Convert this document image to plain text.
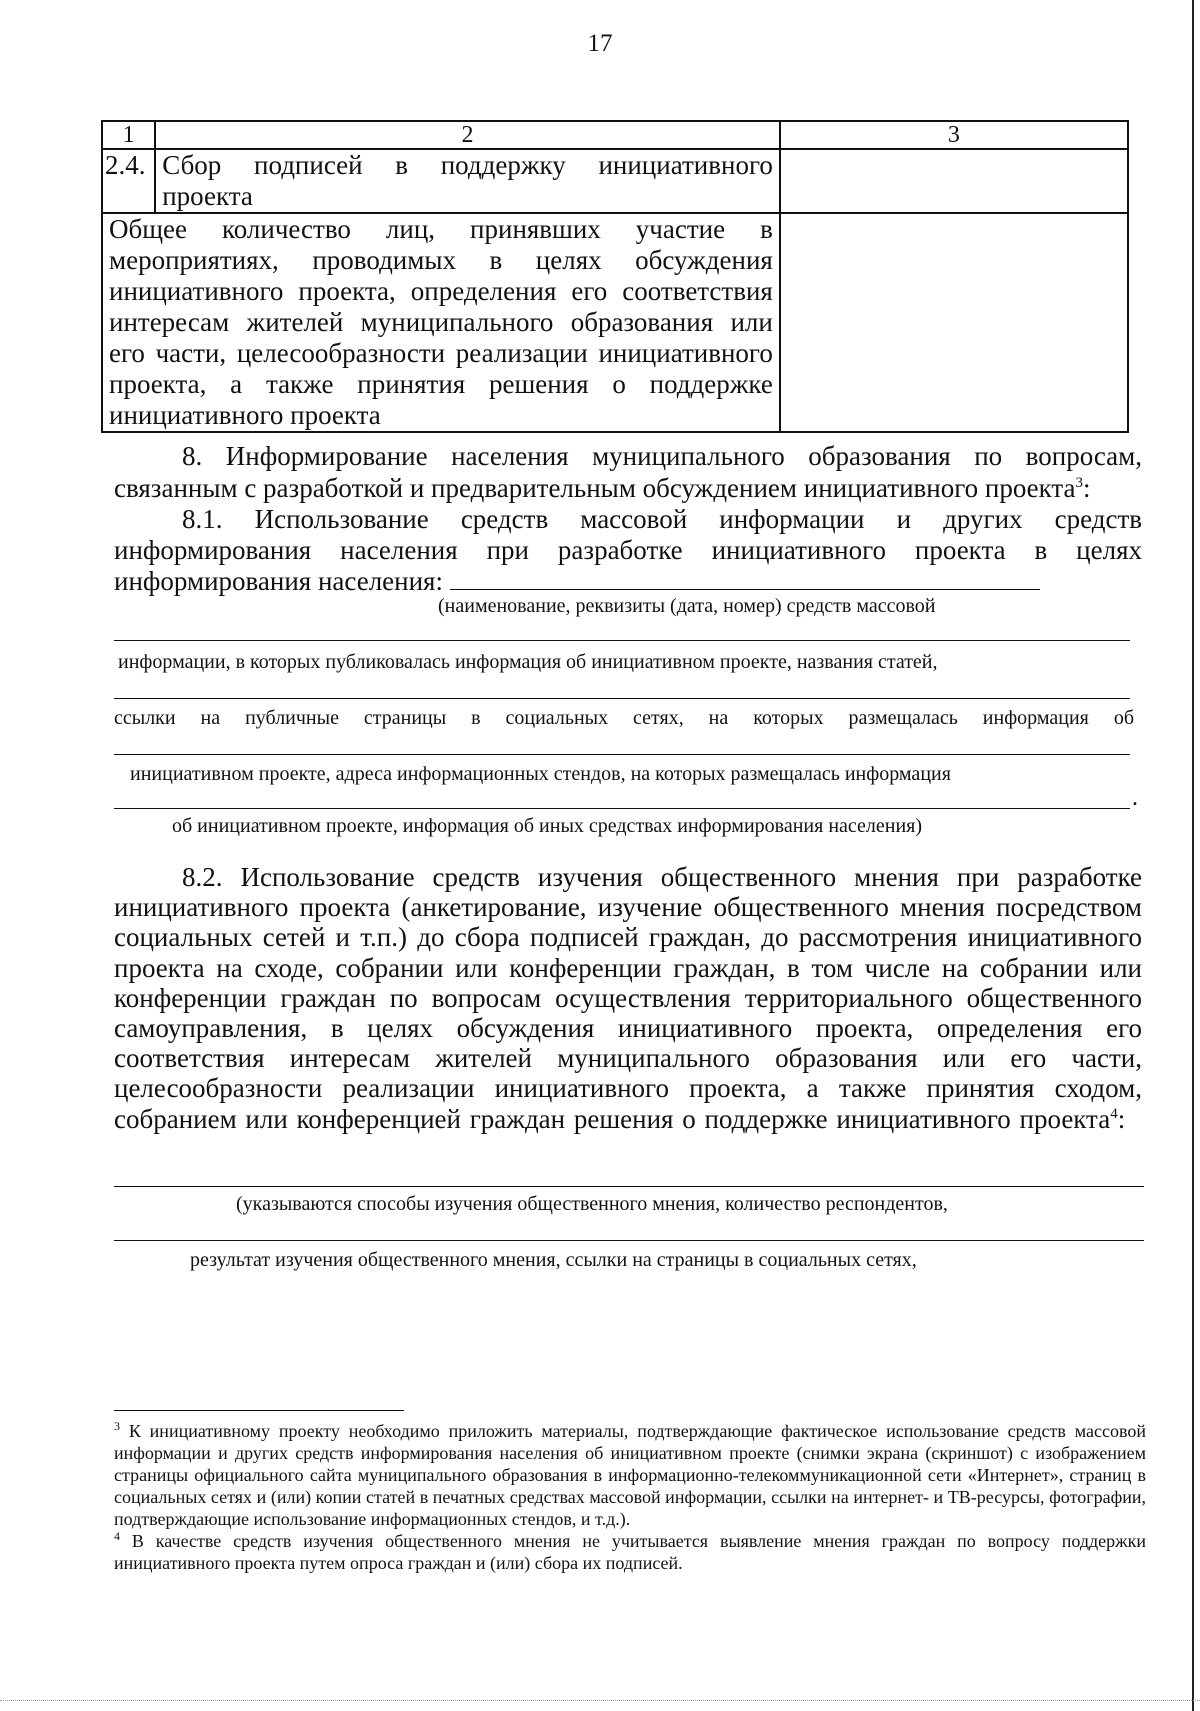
17
1	2	3
2.4.	Сбор подписей в поддержку инициативного проекта	
Общее количество лиц, принявших участие в мероприятиях, проводимых в целях обсуждения инициативного проекта, определения его соответствия интересам жителей муниципального образования или его части, целесообразности реализации инициативного проекта, а также принятия решения о поддержке инициативного проекта		
8. Информирование населения муниципального образования по вопросам, связанным с разработкой и предварительным обсуждением инициативного проекта$^3$:
8.1. Использование средств массовой информации и других средств информирования населения при разработке инициативного проекта в целях информирования населения:
(наименование, реквизиты (дата, номер) средств массовой
информации, в которых публиковалась информация об инициативном проекте, названия статей,
ссылки на публичные страницы в социальных сетях, на которых размещалась информация об
инициативном проекте, адреса информационных стендов, на которых размещалась информация
.
об инициативном проекте, информация об иных средствах информирования населения)
8.2. Использование средств изучения общественного мнения при разработке инициативного проекта (анкетирование, изучение общественного мнения посредством социальных сетей и т.п.) до сбора подписей граждан, до рассмотрения инициативного проекта на сходе, собрании или конференции граждан, в том числе на собрании или конференции граждан по вопросам осуществления территориального общественного самоуправления, в целях обсуждения инициативного проекта, определения его соответствия интересам жителей муниципального образования или его части, целесообразности реализации инициативного проекта, а также принятия сходом, собранием или конференцией граждан решения о поддержке инициативного проекта$^4$:
(указываются способы изучения общественного мнения, количество респондентов,
результат изучения общественного мнения, ссылки на страницы в социальных сетях,

$^3$ К инициативному проекту необходимо приложить материалы, подтверждающие фактическое использование средств массовой информации и других средств информирования населения об инициативном проекте (снимки экрана (скриншот) с изображением страницы официального сайта муниципального образования в информационно-телекоммуникационной сети «Интернет», страниц в социальных сетях и (или) копии статей в печатных средствах массовой информации, ссылки на интернет- и ТВ-ресурсы, фотографии, подтверждающие использование информационных стендов, и т.д.).

$^4$ В качестве средств изучения общественного мнения не учитывается выявление мнения граждан по вопросу поддержки инициативного проекта путем опроса граждан и (или) сбора их подписей.
